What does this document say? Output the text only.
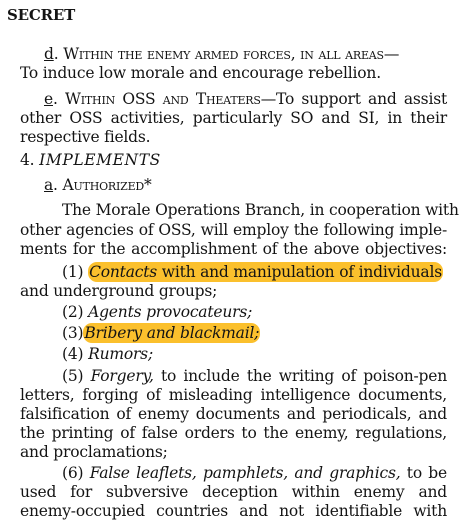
SECRET
d. Within the enemy armed forces, in all areas—
To induce low morale and encourage rebellion.
e. Within OSS and Theaters—To support and assist
other OSS activities, particularly SO and SI, in their
respective fields.
4. IMPLEMENTS
a. Authorized*
The Morale Operations Branch, in cooperation with
other agencies of OSS, will employ the following imple-
ments for the accomplishment of the above objectives:
(1) Contacts with and manipulation of individuals
and underground groups;
(2) Agents provocateurs;
(3)Bribery and blackmail;
(4) Rumors;
(5) Forgery, to include the writing of poison-pen
letters, forging of misleading intelligence documents,
falsification of enemy documents and periodicals, and
the printing of false orders to the enemy, regulations,
and proclamations;
(6) False leaflets, pamphlets, and graphics, to be
used for subversive deception within enemy and
enemy-occupied countries and not identifiable with
